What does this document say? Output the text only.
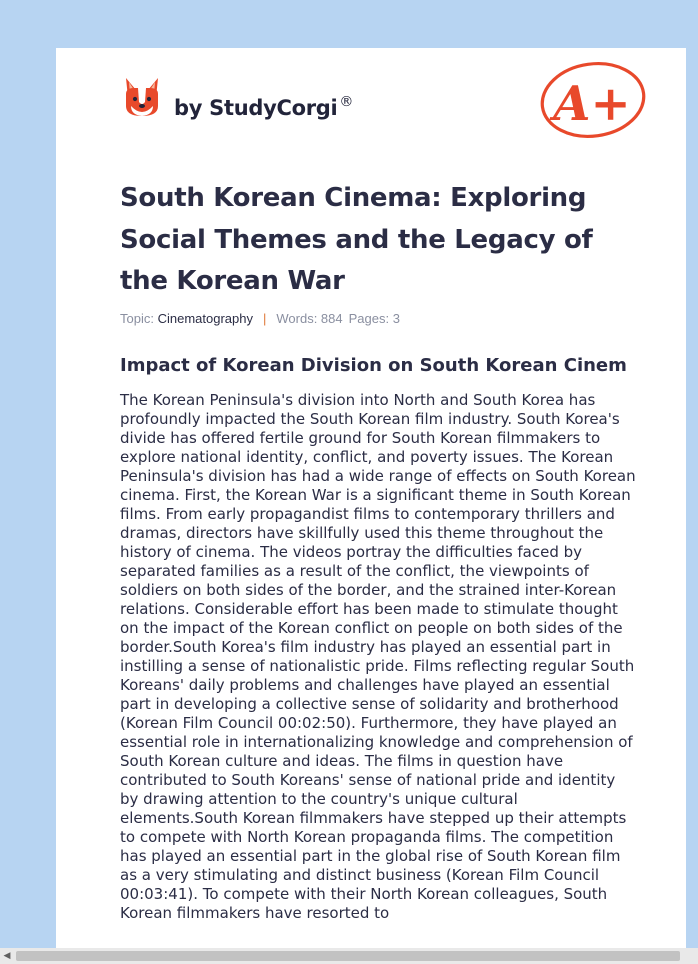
by StudyCorgi ®	A+
South Korean Cinema: Exploring Social Themes and the Legacy of the Korean War
Topic: Cinematography | Words: 884 Pages: 3
Impact of Korean Division on South Korean Cinem

The Korean Peninsula's division into North and South Korea has profoundly impacted the South Korean film industry. South Korea's divide has offered fertile ground for South Korean filmmakers to explore national identity, conflict, and poverty issues. The Korean Peninsula's division has had a wide range of effects on South Korean cinema. First, the Korean War is a significant theme in South Korean films. From early propagandist films to contemporary thrillers and dramas, directors have skillfully used this theme throughout the history of cinema. The videos portray the difficulties faced by separated families as a result of the conflict, the viewpoints of soldiers on both sides of the border, and the strained inter-Korean relations. Considerable effort has been made to stimulate thought on the impact of the Korean conflict on people on both sides of the border.South Korea's film industry has played an essential part in instilling a sense of nationalistic pride. Films reflecting regular South Koreans' daily problems and challenges have played an essential part in developing a collective sense of solidarity and brotherhood (Korean Film Council 00:02:50). Furthermore, they have played an essential role in internationalizing knowledge and comprehension of South Korean culture and ideas. The films in question have contributed to South Koreans' sense of national pride and identity by drawing attention to the country's unique cultural elements.South Korean filmmakers have stepped up their attempts to compete with North Korean propaganda films. The competition has played an essential part in the global rise of South Korean film as a very stimulating and distinct business (Korean Film Council 00:03:41). To compete with their North Korean colleagues, South Korean filmmakers have resorted to

◀
